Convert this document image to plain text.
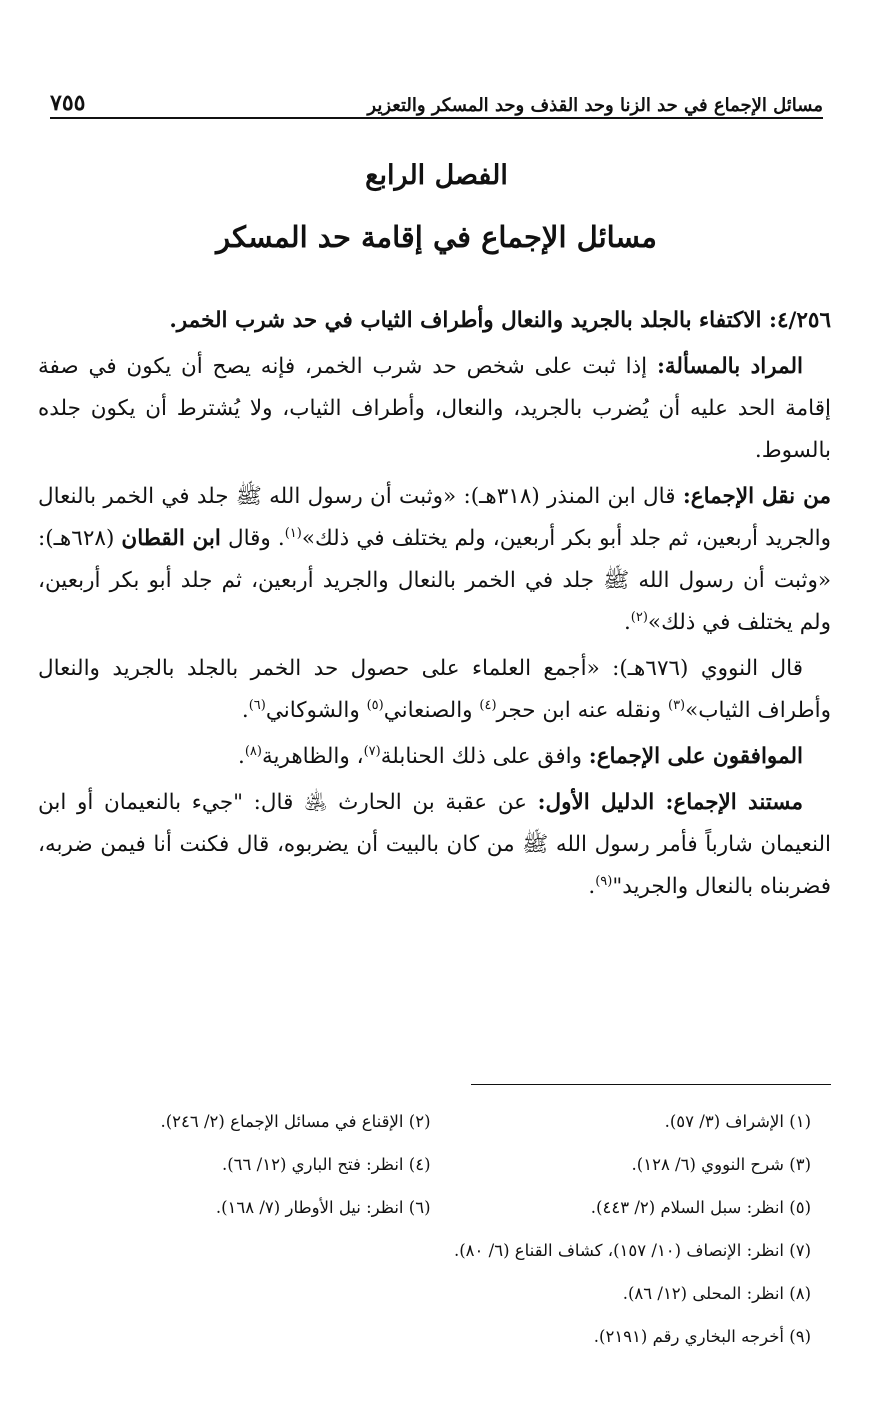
مسائل الإجماع في حد الزنا وحد القذف وحد المسكر والتعزير
٧٥٥
الفصل الرابع
مسائل الإجماع في إقامة حد المسكر

٤/٢٥٦: الاكتفاء بالجلد بالجريد والنعال وأطراف الثياب في حد شرب الخمر.

المراد بالمسألة: إذا ثبت على شخص حد شرب الخمر، فإنه يصح أن يكون في صفة إقامة الحد عليه أن يُضرب بالجريد، والنعال، وأطراف الثياب، ولا يُشترط أن يكون جلده بالسوط.

من نقل الإجماع: قال ابن المنذر (٣١٨هـ): «وثبت أن رسول الله ﷺ جلد في الخمر بالنعال والجريد أربعين، ثم جلد أبو بكر أربعين، ولم يختلف في ذلك»$^{(١)}$. وقال ابن القطان (٦٢٨هـ): «وثبت أن رسول الله ﷺ جلد في الخمر بالنعال والجريد أربعين، ثم جلد أبو بكر أربعين، ولم يختلف في ذلك»$^{(٢)}$.

قال النووي (٦٧٦هـ): «أجمع العلماء على حصول حد الخمر بالجلد بالجريد والنعال وأطراف الثياب»$^{(٣)}$ ونقله عنه ابن حجر$^{(٤)}$ والصنعاني$^{(٥)}$ والشوكاني$^{(٦)}$.

الموافقون على الإجماع: وافق على ذلك الحنابلة$^{(٧)}$، والظاهرية$^{(٨)}$.

مستند الإجماع: الدليل الأول: عن عقبة بن الحارث ﵁ قال: "جيء بالنعيمان أو ابن النعيمان شارباً فأمر رسول الله ﷺ من كان بالبيت أن يضربوه، قال فكنت أنا فيمن ضربه، فضربناه بالنعال والجريد"$^{(٩)}$.

(١) الإشراف (٣/ ٥٧).
(٢) الإقناع في مسائل الإجماع (٢/ ٢٤٦).
(٣) شرح النووي (٦/ ١٢٨).
(٤) انظر: فتح الباري (١٢/ ٦٦).
(٥) انظر: سبل السلام (٢/ ٤٤٣).
(٦) انظر: نيل الأوطار (٧/ ١٦٨).
(٧) انظر: الإنصاف (١٠/ ١٥٧)، كشاف القناع (٦/ ٨٠).
(٨) انظر: المحلى (١٢/ ٨٦).
(٩) أخرجه البخاري رقم (٢١٩١).
